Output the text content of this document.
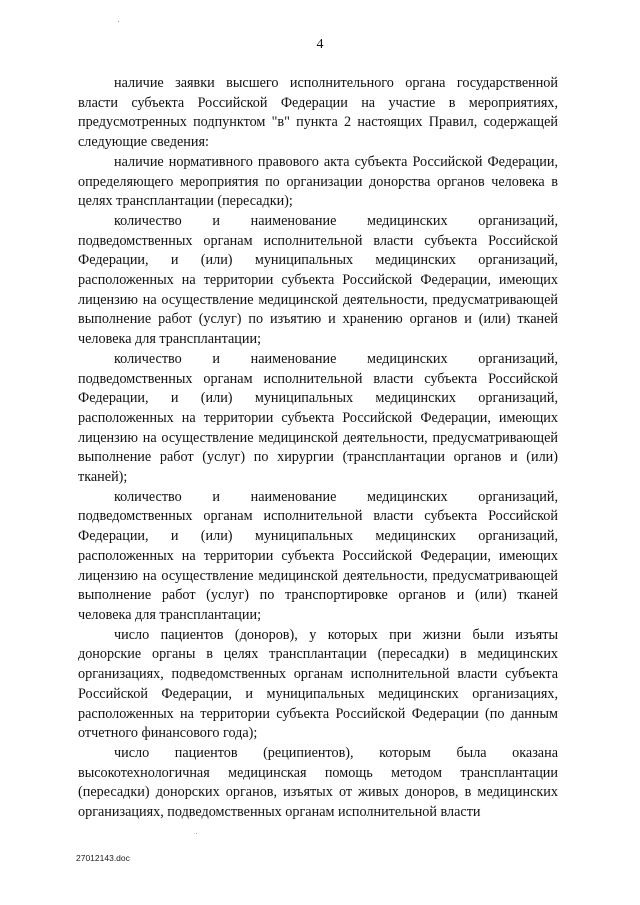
4

наличие заявки высшего исполнительного органа государственной власти субъекта Российской Федерации на участие в мероприятиях, предусмотренных подпунктом "в" пункта 2 настоящих Правил, содержащей следующие сведения:

наличие нормативного правового акта субъекта Российской Федерации, определяющего мероприятия по организации донорства органов человека в целях трансплантации (пересадки);

количество и наименование медицинских организаций, подведомственных органам исполнительной власти субъекта Российской Федерации, и (или) муниципальных медицинских организаций, расположенных на территории субъекта Российской Федерации, имеющих лицензию на осуществление медицинской деятельности, предусматривающей выполнение работ (услуг) по изъятию и хранению органов и (или) тканей человека для трансплантации;

количество и наименование медицинских организаций, подведомственных органам исполнительной власти субъекта Российской Федерации, и (или) муниципальных медицинских организаций, расположенных на территории субъекта Российской Федерации, имеющих лицензию на осуществление медицинской деятельности, предусматривающей выполнение работ (услуг) по хирургии (трансплантации органов и (или) тканей);

количество и наименование медицинских организаций, подведомственных органам исполнительной власти субъекта Российской Федерации, и (или) муниципальных медицинских организаций, расположенных на территории субъекта Российской Федерации, имеющих лицензию на осуществление медицинской деятельности, предусматривающей выполнение работ (услуг) по транспортировке органов и (или) тканей человека для трансплантации;

число пациентов (доноров), у которых при жизни были изъяты донорские органы в целях трансплантации (пересадки) в медицинских организациях, подведомственных органам исполнительной власти субъекта Российской Федерации, и муниципальных медицинских организациях, расположенных на территории субъекта Российской Федерации (по данным отчетного финансового года);

число пациентов (реципиентов), которым была оказана высокотехнологичная медицинская помощь методом трансплантации (пересадки) донорских органов, изъятых от живых доноров, в медицинских организациях, подведомственных органам исполнительной власти

27012143.doc
